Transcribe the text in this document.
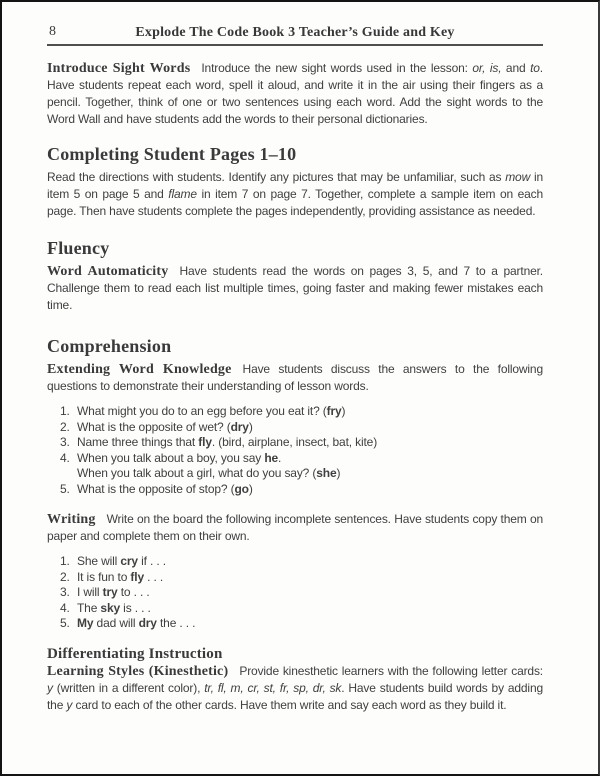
8	Explode The Code Book 3 Teacher’s Guide and Key

Introduce Sight Words Introduce the new sight words used in the lesson: or, is, and to. Have students repeat each word, spell it aloud, and write it in the air using their fingers as a pencil. Together, think of one or two sentences using each word. Add the sight words to the Word Wall and have students add the words to their personal dictionaries.

Completing Student Pages 1–10

Read the directions with students. Identify any pictures that may be unfamiliar, such as mow in item 5 on page 5 and flame in item 7 on page 7. Together, complete a sample item on each page. Then have students complete the pages independently, providing assistance as needed.

Fluency

Word Automaticity Have students read the words on pages 3, 5, and 7 to a partner. Challenge them to read each list multiple times, going faster and making fewer mistakes each time.

Comprehension

Extending Word Knowledge Have students discuss the answers to the following questions to demonstrate their understanding of lesson words.

1. What might you do to an egg before you eat it? (fry)
2. What is the opposite of wet? (dry)
3. Name three things that fly. (bird, airplane, insect, bat, kite)
4. When you talk about a boy, you say he.
When you talk about a girl, what do you say? (she)
5. What is the opposite of stop? (go)

Writing Write on the board the following incomplete sentences. Have students copy them on paper and complete them on their own.

1. She will cry if . . .
2. It is fun to fly . . .
3. I will try to . . .
4. The sky is . . .
5. My dad will dry the . . .
Differentiating Instruction

Learning Styles (Kinesthetic) Provide kinesthetic learners with the following letter cards: y (written in a different color), tr, fl, m, cr, st, fr, sp, dr, sk. Have students build words by adding the y card to each of the other cards. Have them write and say each word as they build it.
